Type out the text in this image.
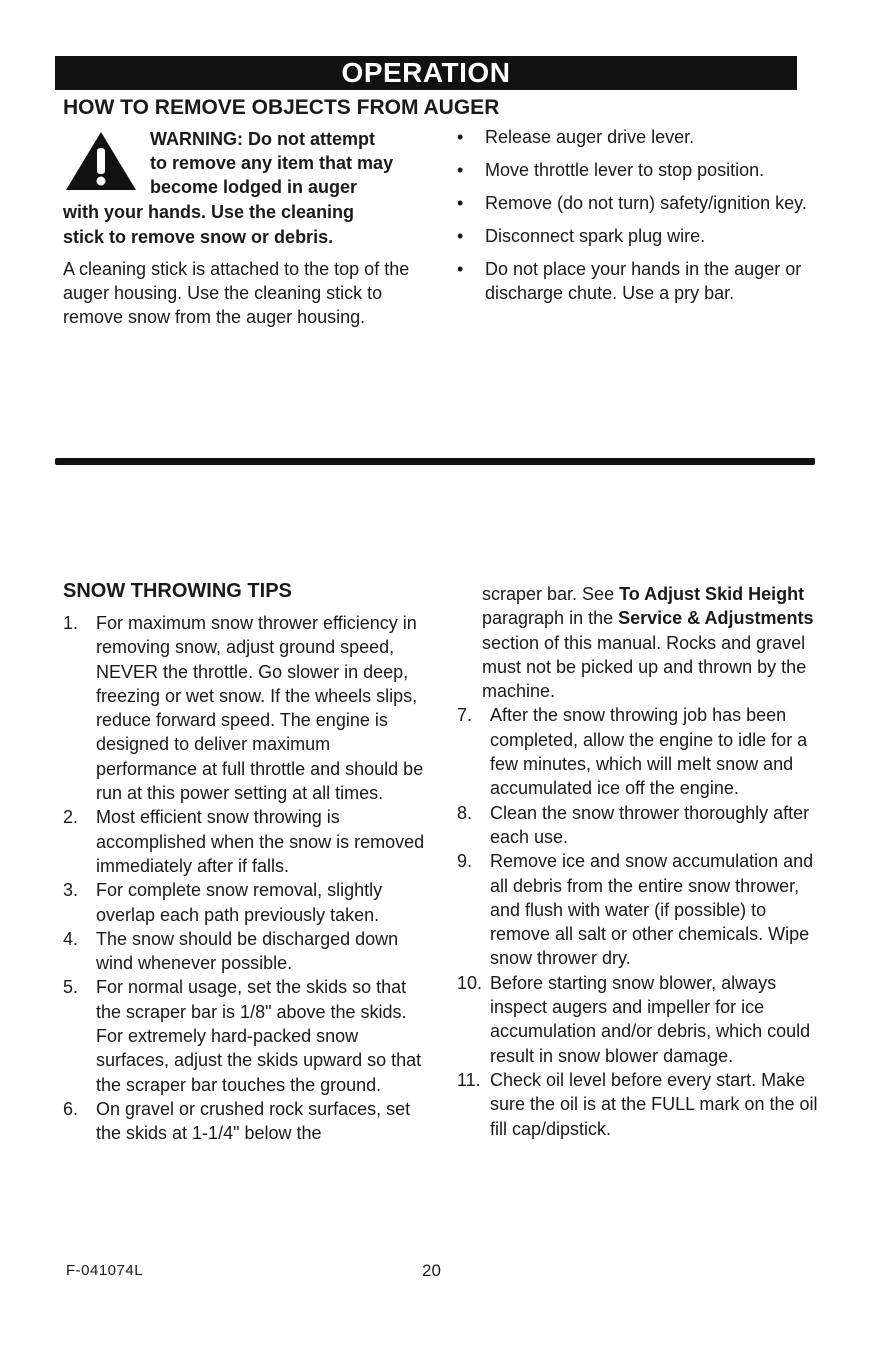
OPERATION
HOW TO REMOVE OBJECTS FROM AUGER
WARNING: Do not attempt
to remove any item that may
become lodged in auger
with your hands. Use the cleaning
stick to remove snow or debris.
A cleaning stick is attached to the top of the auger housing. Use the cleaning stick to remove snow from the auger housing.
•	Release auger drive lever.
•	Move throttle lever to stop position.
•	Remove (do not turn) safety/ignition key.
•	Disconnect spark plug wire.
•	Do not place your hands in the auger or discharge chute. Use a pry bar.
SNOW THROWING TIPS
1. For maximum snow thrower efficiency in removing snow, adjust ground speed, NEVER the throttle. Go slower in deep, freezing or wet snow. If the wheels slips, reduce forward speed. The engine is designed to deliver maximum performance at full throttle and should be run at this power setting at all times.
2. Most efficient snow throwing is accomplished when the snow is removed immediately after if falls.
3. For complete snow removal, slightly overlap each path previously taken.
4. The snow should be discharged down wind whenever possible.
5. For normal usage, set the skids so that the scraper bar is 1/8" above the skids. For extremely hard-packed snow surfaces, adjust the skids upward so that the scraper bar touches the ground.
6. On gravel or crushed rock surfaces, set the skids at 1-1/4" below the
scraper bar. See To Adjust Skid Height paragraph in the Service & Adjustments section of this manual. Rocks and gravel must not be picked up and thrown by the machine.
7. After the snow throwing job has been completed, allow the engine to idle for a few minutes, which will melt snow and accumulated ice off the engine.
8. Clean the snow thrower thoroughly after each use.
9. Remove ice and snow accumulation and all debris from the entire snow thrower, and flush with water (if possible) to remove all salt or other chemicals. Wipe snow thrower dry.
10. Before starting snow blower, always inspect augers and impeller for ice accumulation and/or debris, which could result in snow blower damage.
11. Check oil level before every start. Make sure the oil is at the FULL mark on the oil fill cap/dipstick.
F-041074L	20
